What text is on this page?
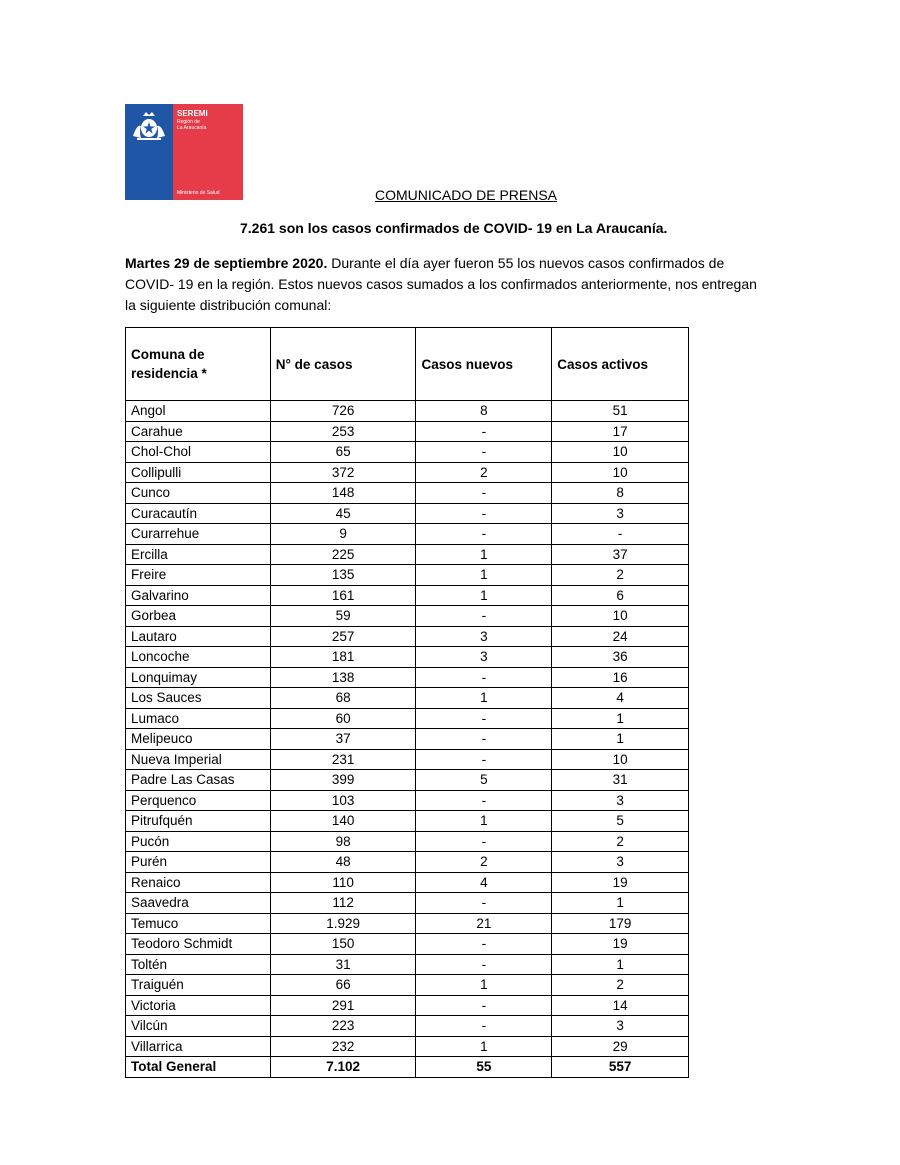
SEREMI
Región de
La Araucanía
Ministerio de Salud	COMUNICADO DE PRENSA
7.261 son los casos confirmados de COVID- 19 en La Araucanía.
Martes 29 de septiembre 2020. Durante el día ayer fueron 55 los nuevos casos confirmados de COVID- 19 en la región. Estos nuevos casos sumados a los confirmados anteriormente, nos entregan la siguiente distribución comunal:
Comuna de residencia *	N° de casos	Casos nuevos	Casos activos
Angol	726	8	51
Carahue	253	-	17
Chol-Chol	65	-	10
Collipulli	372	2	10
Cunco	148	-	8
Curacautín	45	-	3
Curarrehue	9	-	-
Ercilla	225	1	37
Freire	135	1	2
Galvarino	161	1	6
Gorbea	59	-	10
Lautaro	257	3	24
Loncoche	181	3	36
Lonquimay	138	-	16
Los Sauces	68	1	4
Lumaco	60	-	1
Melipeuco	37	-	1
Nueva Imperial	231	-	10
Padre Las Casas	399	5	31
Perquenco	103	-	3
Pitrufquén	140	1	5
Pucón	98	-	2
Purén	48	2	3
Renaico	110	4	19
Saavedra	112	-	1
Temuco	1.929	21	179
Teodoro Schmidt	150	-	19
Toltén	31	-	1
Traiguén	66	1	2
Victoria	291	-	14
Vilcún	223	-	3
Villarrica	232	1	29
Total General	7.102	55	557
